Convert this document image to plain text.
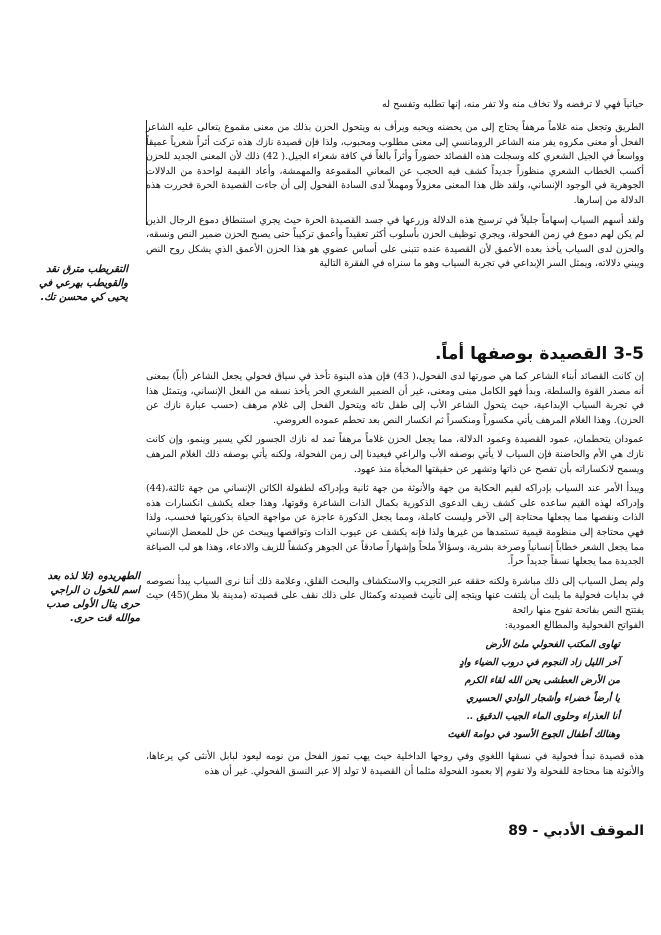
حياتياً فهي لا ترفضه ولا تخاف منه ولا تفر منه، إنها تطلبه وتفسح له

الطريق وتجعل منه غلاماً مرهفاً يحتاج إلى من يحضنه ويحبه ويرأف به ويتحول الحزن بذلك من معنى مقموع يتعالى عليه الشاعر الفحل أو معنى مكروه يفر منه الشاعر الرومانسي إلى معنى مطلوب ومحبوب، ولذا فإن قصيدة نازك هذه تركت أثراً شعرياً عميقاً وواسعاً في الجيل الشعري كله وسجلت هذه القصائد حضوراً وأثراً بالغاً في كافة شعراء الجيل.( 42) ذلك لأن المعنى الجديد للحزن أكسب الخطاب الشعري منظوراً جديداً كشف فيه الحجب عن المعاني المقموعة والمهمشة، وأعاد القيمة لواحدة من الدلالات الجوهرية في الوجود الإنساني، ولقد ظل هذا المعنى معزولاً ومهملاً لدى السادة الفحول إلى أن جاءت القصيدة الحرة فحررت هذه الدلالة من إسارها.

ولقد أسهم السياب إسهاماً جليلاً في ترسيخ هذه الدلالة وزرعها في جسد القصيدة الحرة حيث يجري استنطاق دموع الرجال الذين لم يكن لهم دموع في زمن الفحولة، ويجري توظيف الحزن بأسلوب أكثر تعقيداً وأعمق تركيباً حتى يصبح الحزن ضمير النص ونسقه، والحزن لدى السياب يأخذ بعده الأعمق لأن القصيدة عنده تتبنى على أساس عضوي هو هذا الحزن الأعمق الذي يشكل روح النص ويبني دلالاته، ويمثل السر الإبداعي في تجربة السياب وهو ما سنراه في الفقرة التالية

3-5 القصيدة بوصفها أماً.

إن كانت القصائد أبناء الشاعر كما هي صورتها لدى الفحول،( 43) فإن هذه البنوة تأخذ في سياق فحولي يجعل الشاعر (أباً) بمعنى أنه مصدر القوة والسلطة، وبدأ فهو الكامل مبنى ومعنى، غير أن الضمير الشعري الحر يأخذ نسقه من الفعل الإنساني، ويتمثل هذا في تجربة السياب الإبداعية، حيث يتحول الشاعر الأب إلى طفل تائه ويتحول الفحل إلى غلام مرهف (حسب عبارة نازك عن الحزن). وهذا الغلام المرهف يأتي مكسوراً ومنكسراً ثم انكسار النص بعد تحطم عموده العروضي.

عمودان يتحطمان، عمود القصيدة وعمود الدلالة، مما يجعل الحزن غلاماً مرهفاً تمد له نازك الجسور لكي يسير وينمو، وإن كانت نازك هي الأم والحاضنة فإن السياب لا يأتي بوصفه الأب والراعي فيعيدنا إلى زمن الفحولة، ولكنه يأتي بوصفه ذلك الغلام المرهف ويسمح لانكساراته بأن تفصح عن ذاتها وتشهر عن حقيقتها المخبأة منذ عهود.

ويبدأ الأمر عند السياب بإدراكه لقيم الحكاية من جهة والأنوثة من جهة ثانية وبإدراكه لطفولة الكائن الإنساني من جهة ثالثة،(44) وإدراكه لهذه القيم ساعده على كشف زيف الدعوى الذكورية بكمال الذات الشاعرة وقوتها، وهذا جعله يكشف انكسارات هذه الذات ونقصها مما يجعلها محتاجة إلى الآخر وليست كاملة، ومما يجعل الذكورة عاجزة عن مواجهة الحياة بذكوريتها فحسب، ولذا فهي محتاجة إلى منظومة قيمية تستمدها من غيرها ولذا فإنه يكشف عن عيوب الذات وتواقصها ويبحث عن حل للمعضل الإنساني مما يجعل الشعر خطاباً إنسانياً وصرخة بشرية، وسؤالاً ملحاً وإشهاراً صادقاً عن الجوهر وكشفاً للزيف والادعاء، وهذا هو لب الصياغة الجديدة مما يجعلها نسقاً جديداً حراً.

ولم يصل السياب إلى ذلك مباشرة ولكنه حققه عبر التجريب والاستكشاف والبحث القلق، وعلامة ذلك أننا نرى السياب يبدأ نصوصه في بدايات فحولية ما يلبث أن يلتفت عنها ويتجه إلى تأنيث قصيدته وكمثال على ذلك نقف على قصيدته (مدينة بلا مطر)(45) حيث يفتتح النص بفاتحة تفوح منها رائحة

الفواتح الفحولية والمطالع العمودية:
تهاوى المكتب الفحولي ملئ الأرض
آخر الليل زاد النجوم في دروب الضياء وادٍ
من الأرض العطشى يحن الله لقاء الكرم
يا أرضاً خضراء وأشجار الوادي الحسيري
أنا العذراء وحلوى الماء الجيب الدقيق ..
وهنالك أطفال الجوع الأسود في دوامة الغيث

هذه قصيدة تبدأ فحولية في نسقها اللغوي وفي روحها الداخلية حيث يهب تموز الفحل من نومه ليعود لبابل الأنثى كي يرعاها، والأنوثة هنا محتاجة للفحولة ولا تقوم إلا بعمود الفحولة مثلما أن القصيدة لا تولد إلا عبر النسق الفحولي. غير أن هذه

التقريطب مترق نقد والقويطب بهرعي في يحيى كي محسن تك.
الطهريدوه (تلا لذه بعد اسم للخول ن الراجي حرى يتال الأولى صدب موالله قت حرى.
الموقف الأدبي - 89
